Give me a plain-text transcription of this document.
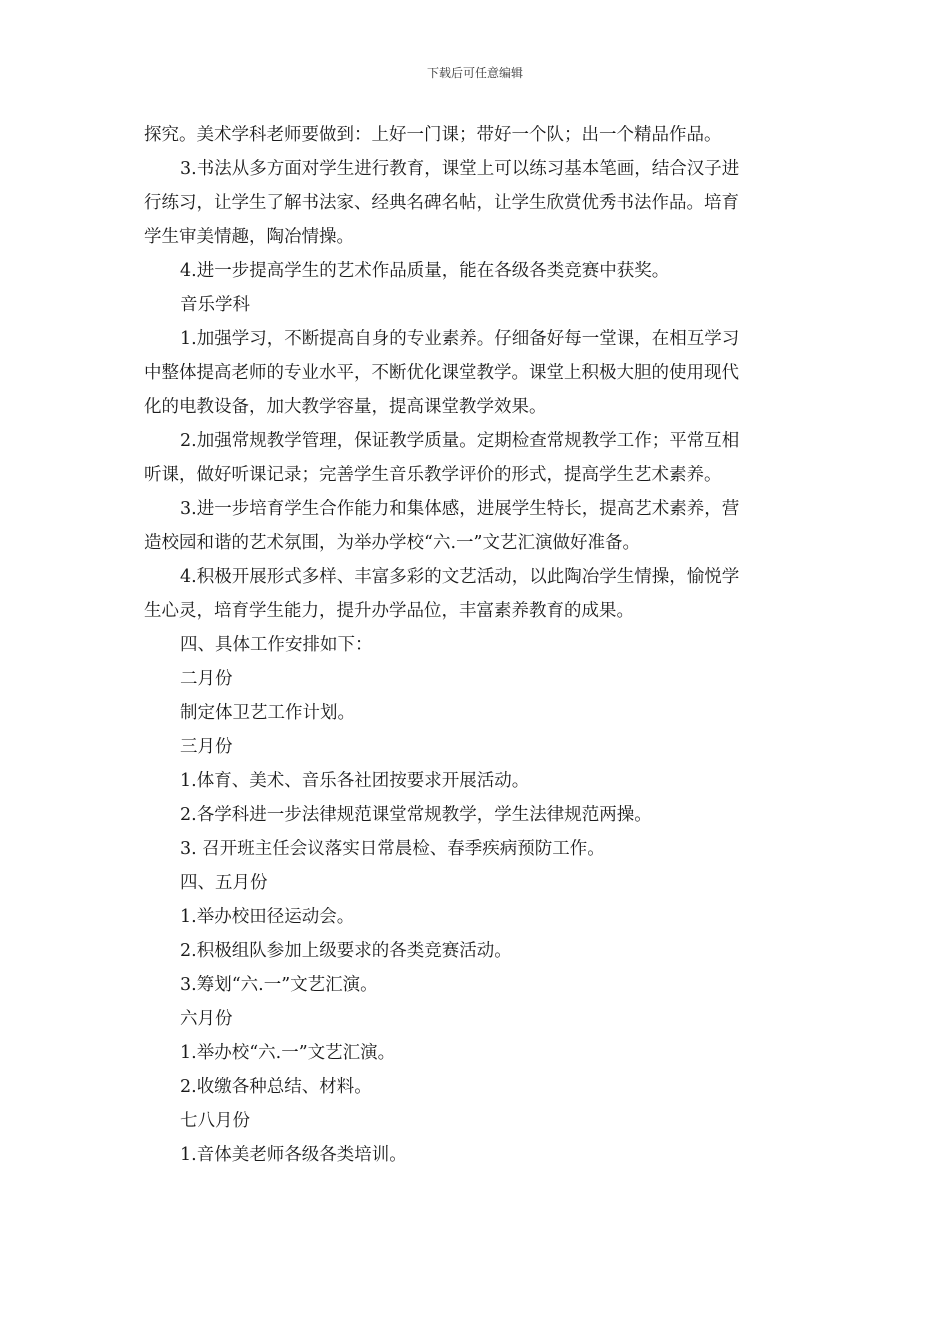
下载后可任意编辑
探究。美术学科老师要做到：上好一门课；带好一个队；出一个精品作品。
3.书法从多方面对学生进行教育，课堂上可以练习基本笔画，结合汉子进
行练习，让学生了解书法家、经典名碑名帖，让学生欣赏优秀书法作品。培育
学生审美情趣，陶冶情操。
4.进一步提高学生的艺术作品质量，能在各级各类竞赛中获奖。
音乐学科
1.加强学习，不断提高自身的专业素养。仔细备好每一堂课，在相互学习
中整体提高老师的专业水平，不断优化课堂教学。课堂上积极大胆的使用现代
化的电教设备，加大教学容量，提高课堂教学效果。
2.加强常规教学管理，保证教学质量。定期检查常规教学工作；平常互相
听课，做好听课记录；完善学生音乐教学评价的形式，提高学生艺术素养。
3.进一步培育学生合作能力和集体感，进展学生特长，提高艺术素养，营
造校园和谐的艺术氛围，为举办学校“六.一”文艺汇演做好准备。
4.积极开展形式多样、丰富多彩的文艺活动，以此陶冶学生情操，愉悦学
生心灵，培育学生能力，提升办学品位，丰富素养教育的成果。
四、具体工作安排如下：
二月份
制定体卫艺工作计划。
三月份
1.体育、美术、音乐各社团按要求开展活动。
2.各学科进一步法律规范课堂常规教学，学生法律规范两操。
3. 召开班主任会议落实日常晨检、春季疾病预防工作。
四、五月份
1.举办校田径运动会。
2.积极组队参加上级要求的各类竞赛活动。
3.筹划“六.一”文艺汇演。
六月份
1.举办校“六.一”文艺汇演。
2.收缴各种总结、材料。
七八月份
1.音体美老师各级各类培训。
